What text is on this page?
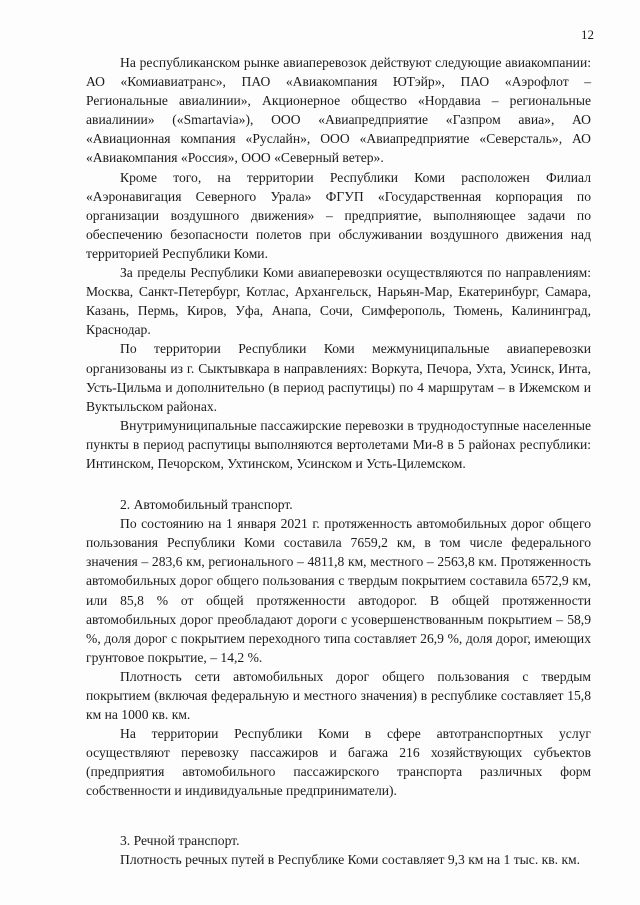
12

На республиканском рынке авиаперевозок действуют следующие авиакомпании: АО «Комиавиатранс», ПАО «Авиакомпания ЮТэйр», ПАО «Аэрофлот – Региональные авиалинии», Акционерное общество «Нордавиа – региональные авиалинии» («Smartavia»), ООО «Авиапредприятие «Газпром авиа», АО «Авиационная компания «Руслайн», ООО «Авиапредприятие «Северсталь», АО «Авиакомпания «Россия», ООО «Северный ветер».

Кроме того, на территории Республики Коми расположен Филиал «Аэронавигация Северного Урала» ФГУП «Государственная корпорация по организации воздушного движения» – предприятие, выполняющее задачи по обеспечению безопасности полетов при обслуживании воздушного движения над территорией Республики Коми.

За пределы Республики Коми авиаперевозки осуществляются по направлениям: Москва, Санкт-Петербург, Котлас, Архангельск, Нарьян-Мар, Екатеринбург, Самара, Казань, Пермь, Киров, Уфа, Анапа, Сочи, Симферополь, Тюмень, Калининград, Краснодар.

По территории Республики Коми межмуниципальные авиаперевозки организованы из г. Сыктывкара в направлениях: Воркута, Печора, Ухта, Усинск, Инта, Усть-Цильма и дополнительно (в период распутицы) по 4 маршрутам – в Ижемском и Вуктыльском районах.

Внутримуниципальные пассажирские перевозки в труднодоступные населенные пункты в период распутицы выполняются вертолетами Ми-8 в 5 районах республики: Интинском, Печорском, Ухтинском, Усинском и Усть-Цилемском.

2. Автомобильный транспорт.

По состоянию на 1 января 2021 г. протяженность автомобильных дорог общего пользования Республики Коми составила 7659,2 км, в том числе федерального значения – 283,6 км, регионального – 4811,8 км, местного – 2563,8 км. Протяженность автомобильных дорог общего пользования с твердым покрытием составила 6572,9 км, или 85,8 % от общей протяженности автодорог. В общей протяженности автомобильных дорог преобладают дороги с усовершенствованным покрытием – 58,9 %, доля дорог с покрытием переходного типа составляет 26,9 %, доля дорог, имеющих грунтовое покрытие, – 14,2 %.

Плотность сети автомобильных дорог общего пользования с твердым покрытием (включая федеральную и местного значения) в республике составляет 15,8 км на 1000 кв. км.

На территории Республики Коми в сфере автотранспортных услуг осуществляют перевозку пассажиров и багажа 216 хозяйствующих субъектов (предприятия автомобильного пассажирского транспорта различных форм собственности и индивидуальные предприниматели).

3. Речной транспорт.

Плотность речных путей в Республике Коми составляет 9,3 км на 1 тыс. кв. км.
